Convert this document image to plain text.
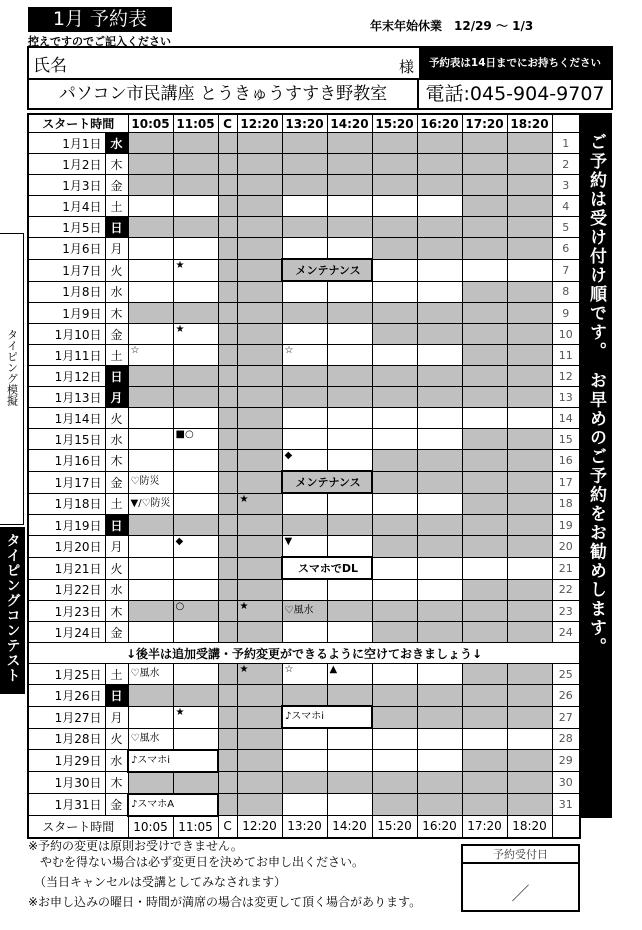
1月 予約表	年末年始休業　12/29 ～ 1/3
控えですのでご記入ください
氏名	様	予約表は14日までにお持ちください
パソコン市民講座 とうきゅうすすき野教室	電話:045-904-9707
スタート時間		10:05	11:05	C	12:20	13:20	14:20	15:20	16:20	17:20	18:20	
1月1日	水											1
1月2日	木											2
1月3日	金											3
1月4日	土											4
1月5日	日											5
1月6日	月											6
1月7日	火		★			メンテナンス						7
1月8日	水											8
1月9日	木											9
1月10日	金		★									10
1月11日	土	☆				☆						11
1月12日	日											12
1月13日	月											13
1月14日	火											14
1月15日	水		■○									15
1月16日	木					◆						16
1月17日	金	♡防災				メンテナンス						17
1月18日	土	▼/♡防災			★							18
1月19日	日											19
1月20日	月		◆			▼						20
1月21日	火					スマホでDL						21
1月22日	水											22
1月23日	木		○		★	♡風水						23
1月24日	金											24
↓後半は追加受講・予約変更ができるように空けておきましょう↓												
1月25日	土	♡風水			★	☆	▲					25
1月26日	日											26
1月27日	月		★			♪スマホi						27
1月28日	火	♡風水										28
1月29日	水	♪スマホi										29
1月30日	木											30
1月31日	金	♪スマホA										31
スタート時間		10:05	11:05	C	12:20	13:20	14:20	15:20	16:20	17:20	18:20	
ご予約は受け付け順です。　お早めのご予約をお勧めします。
タイピング模擬
タイピングコンテスト
※予約の変更は原則お受けできません。
　やむを得ない場合は必ず変更日を決めてお申し出ください。
　（当日キャンセルは受講としてみなされます）
※お申し込みの曜日・時間が満席の場合は変更して頂く場合があります。
予約受付日
／
